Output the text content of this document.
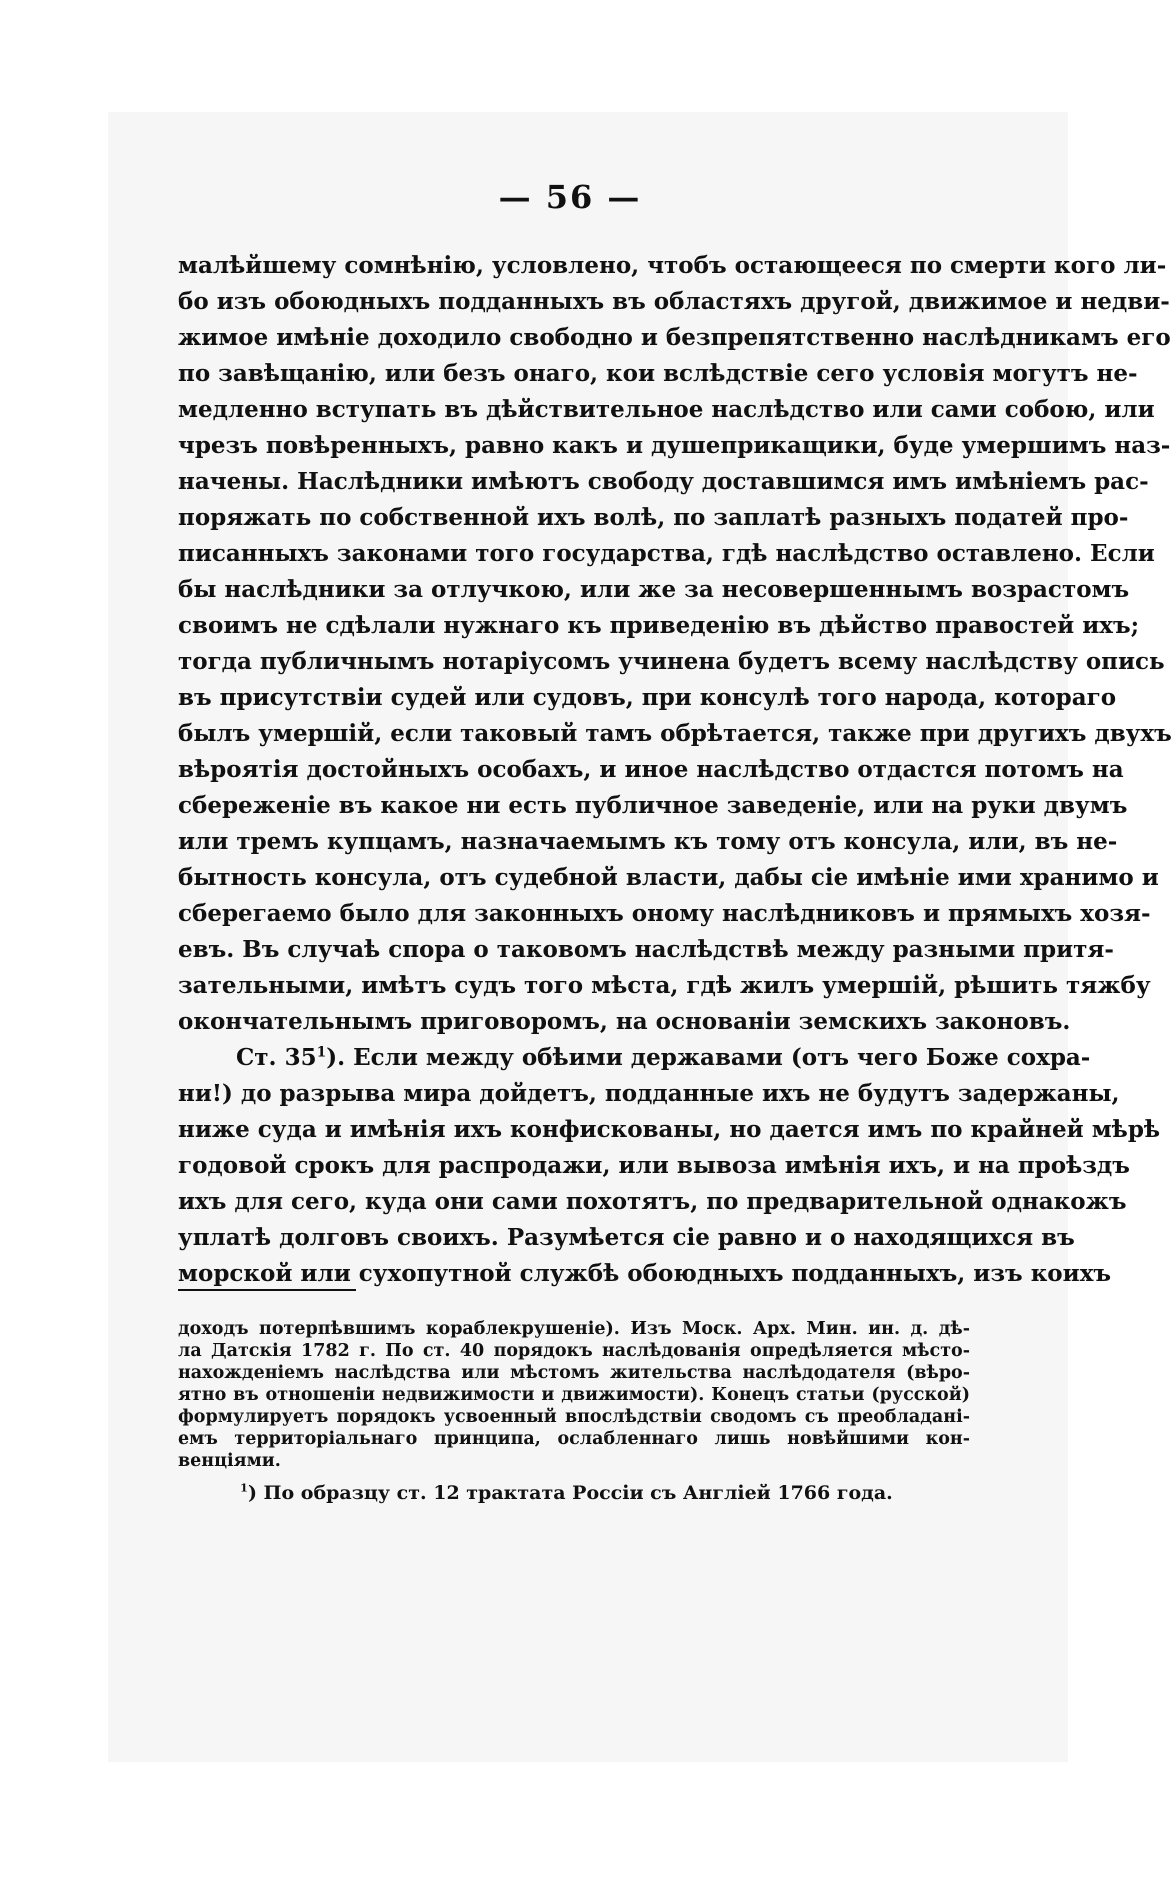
— 56 —
малѣйшему сомнѣнію, условлено, чтобъ остающееся по смерти кого ли-
бо изъ обоюдныхъ подданныхъ въ областяхъ другой, движимое и недви-
жимое имѣніе доходило свободно и безпрепятственно наслѣдникамъ его
по завѣщанію, или безъ онаго, кои вслѣдствіе сего условія могутъ не-
медленно вступать въ дѣйствительное наслѣдство или сами собою, или
чрезъ повѣренныхъ, равно какъ и душеприкащики, буде умершимъ наз-
начены. Наслѣдники имѣютъ свободу доставшимся имъ имѣніемъ рас-
поряжать по собственной ихъ волѣ, по заплатѣ разныхъ податей про-
писанныхъ законами того государства, гдѣ наслѣдство оставлено. Если
бы наслѣдники за отлучкою, или же за несовершеннымъ возрастомъ
своимъ не сдѣлали нужнаго къ приведенію въ дѣйство правостей ихъ;
тогда публичнымъ нотаріусомъ учинена будетъ всему наслѣдству опись
въ присутствіи судей или судовъ, при консулѣ того народа, котораго
былъ умершій, если таковый тамъ обрѣтается, также при другихъ двухъ
вѣроятія достойныхъ особахъ, и иное наслѣдство отдастся потомъ на
сбереженіе въ какое ни есть публичное заведеніе, или на руки двумъ
или тремъ купцамъ, назначаемымъ къ тому отъ консула, или, въ не-
бытность консула, отъ судебной власти, дабы сіе имѣніе ими хранимо и
сберегаемо было для законныхъ оному наслѣдниковъ и прямыхъ хозя-
евъ. Въ случаѣ спора о таковомъ наслѣдствѣ между разными притя-
зательными, имѣтъ судъ того мѣста, гдѣ жилъ умершій, рѣшить тяжбу
окончательнымъ приговоромъ, на основаніи земскихъ законовъ.
Ст. $35^1$). Если между обѣими державами (отъ чего Боже сохра-
ни!) до разрыва мира дойдетъ, подданные ихъ не будутъ задержаны,
ниже суда и имѣнія ихъ конфискованы, но дается имъ по крайней мѣрѣ
годовой срокъ для распродажи, или вывоза имѣнія ихъ, и на проѣздъ
ихъ для сего, куда они сами похотятъ, по предварительной однакожъ
уплатѣ долговъ своихъ. Разумѣется сіе равно и о находящихся въ
морской или сухопутной службѣ обоюдныхъ подданныхъ, изъ коихъ
доходъ потерпѣвшимъ кораблекрушеніе). Изъ Моск. Арх. Мин. ин. д. дѣ-
ла Датскія 1782 г. По ст. 40 порядокъ наслѣдованія опредѣляется мѣсто-
нахожденіемъ наслѣдства или мѣстомъ жительства наслѣдодателя (вѣро-
ятно въ отношеніи недвижимости и движимости). Конецъ статьи (русской)
формулируетъ порядокъ усвоенный впослѣдствіи сводомъ съ преобладані-
емъ территоріальнаго принципа, ослабленнаго лишь новѣйшими кон-
венціями.
$^1$) По образцу ст. 12 трактата Россіи съ Англіей 1766 года.
